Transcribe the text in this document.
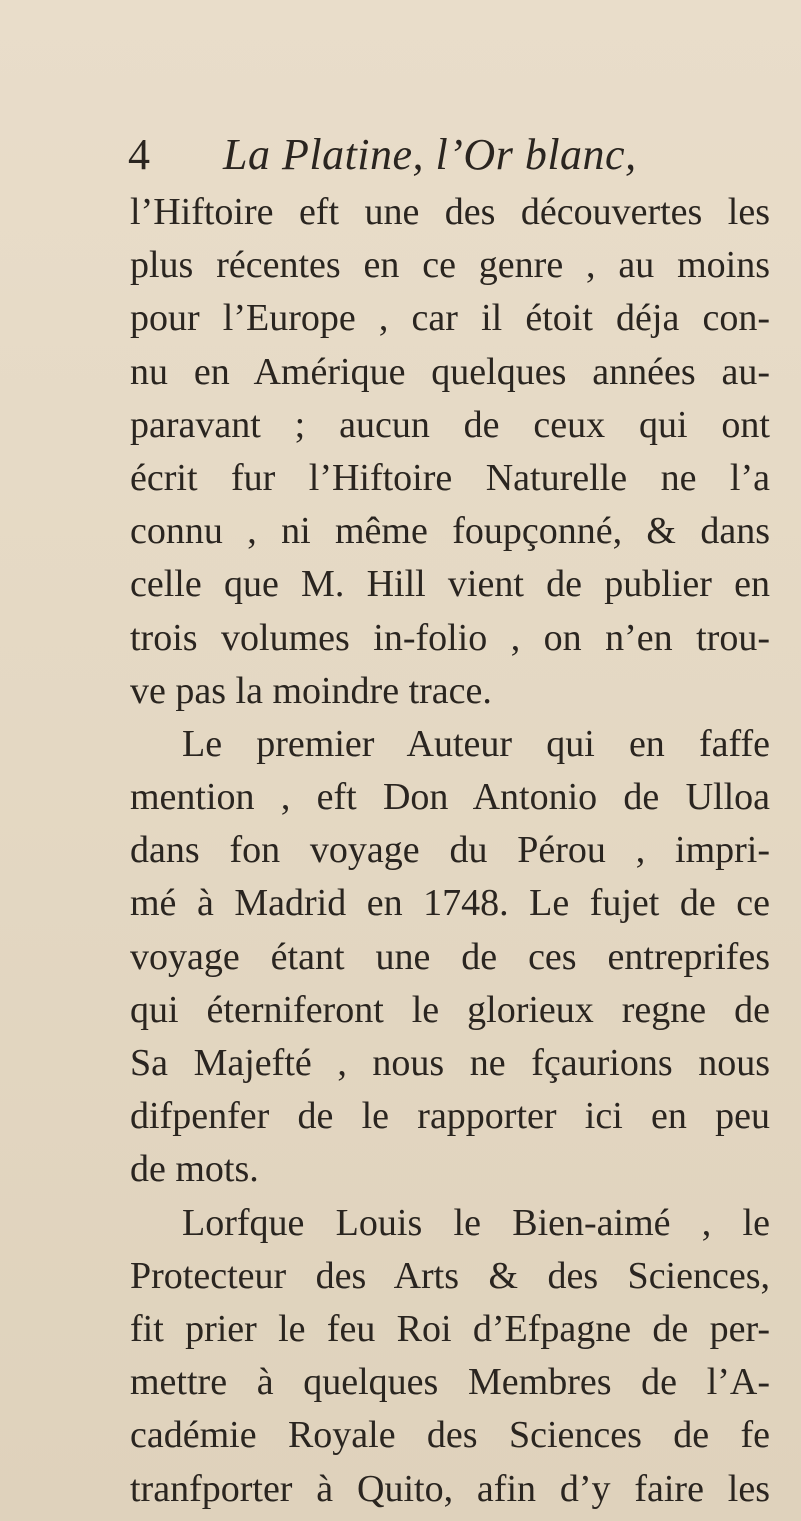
4 La Platine, l’Or blanc,
l’Hiftoire eft une des découvertes les
plus récentes en ce genre , au moins
pour l’Europe , car il étoit déja con-
nu en Amérique quelques années au-
paravant ; aucun de ceux qui ont
écrit fur l’Hiftoire Naturelle ne l’a
connu , ni même foupçonné, & dans
celle que M. Hill vient de publier en
trois volumes in-folio , on n’en trou-
ve pas la moindre trace.
Le premier Auteur qui en faffe
mention , eft Don Antonio de Ulloa
dans fon voyage du Pérou , impri-
mé à Madrid en 1748. Le fujet de ce
voyage étant une de ces entreprifes
qui éterniferont le glorieux regne de
Sa Majefté , nous ne fçaurions nous
difpenfer de le rapporter ici en peu
de mots.
Lorfque Louis le Bien-aimé , le
Protecteur des Arts & des Sciences,
fit prier le feu Roi d’Efpagne de per-
mettre à quelques Membres de l’A-
cadémie Royale des Sciences de fe
tranfporter à Quito, afin d’y faire les
